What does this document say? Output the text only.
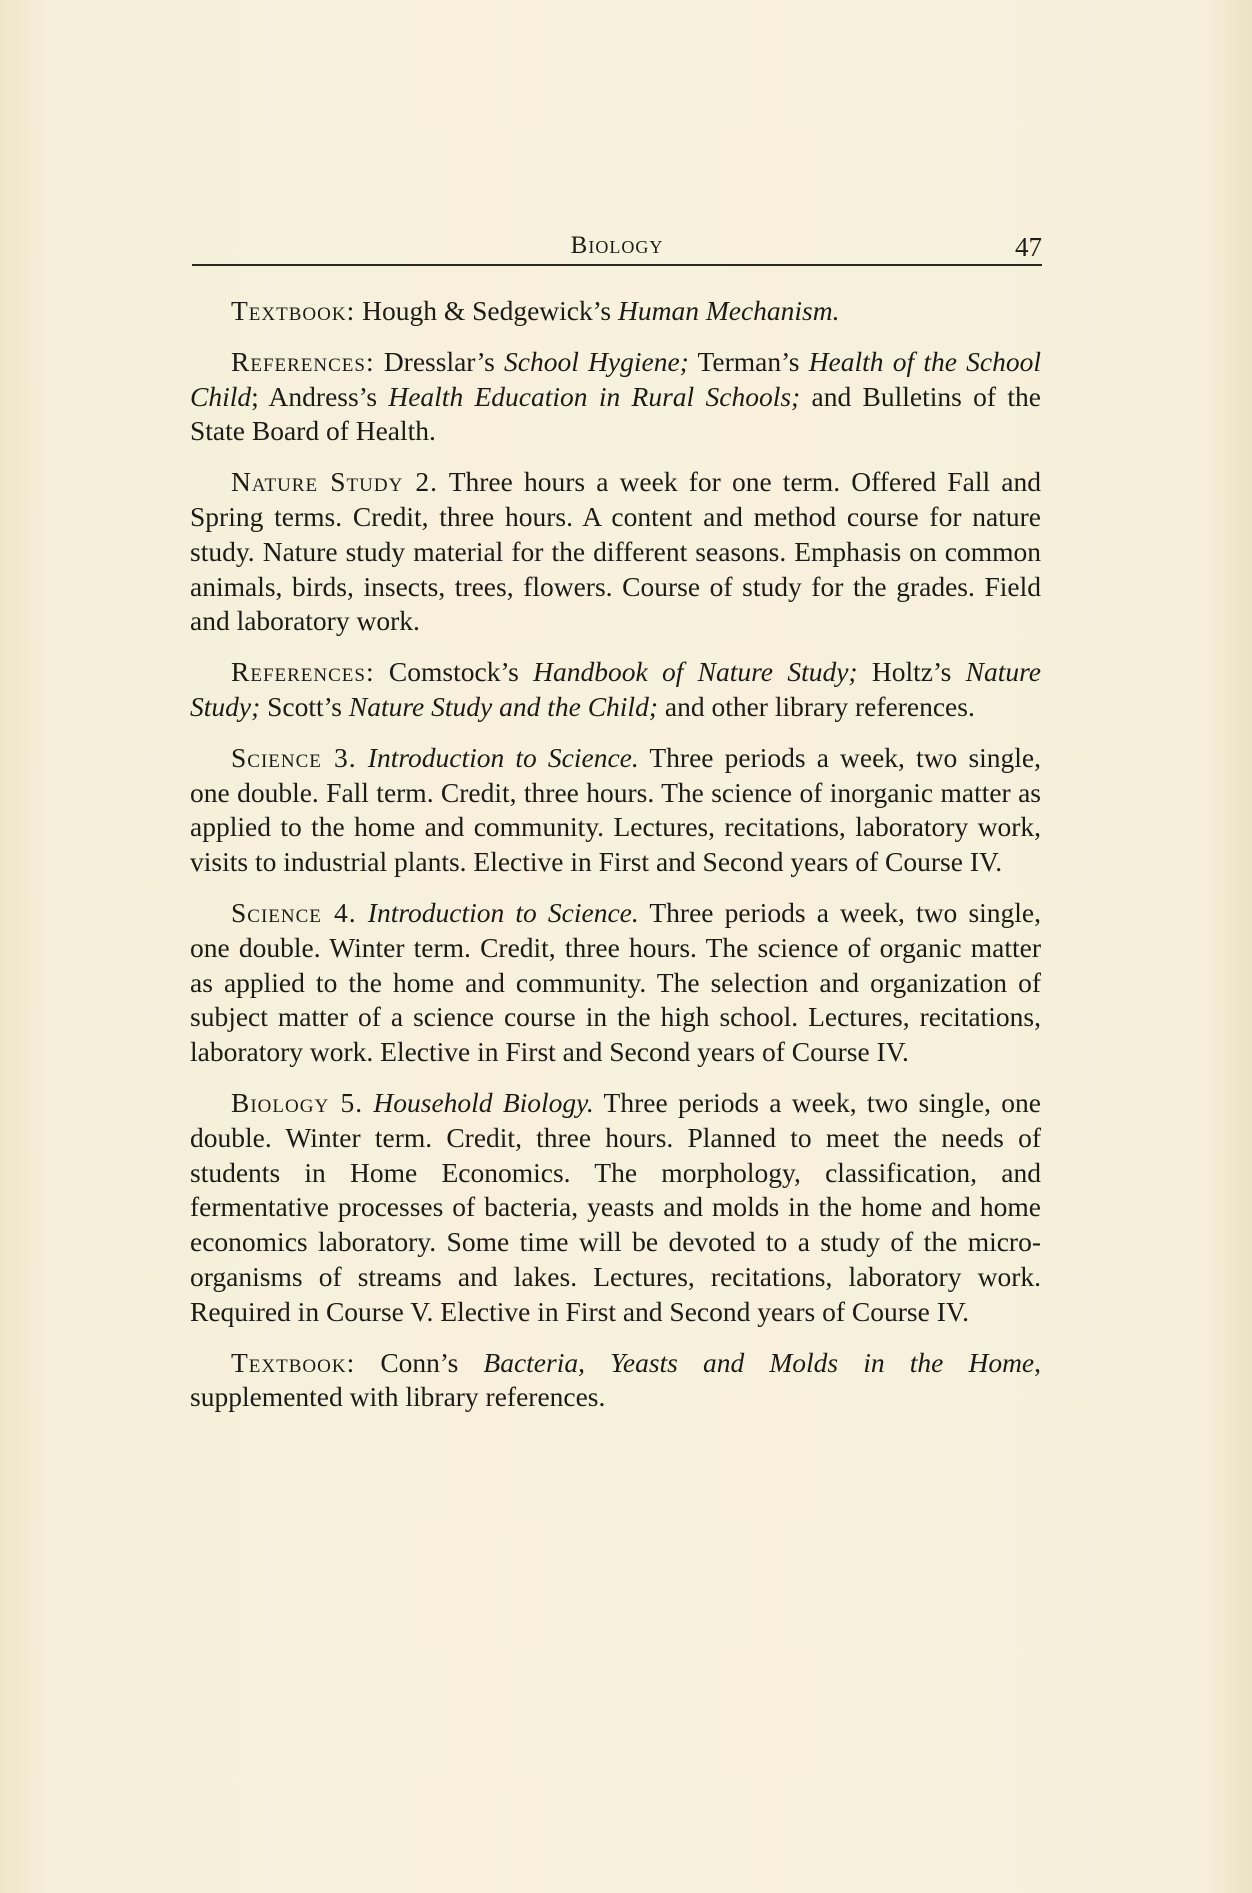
Biology	47

Textbook: Hough & Sedgewick’s Human Mechanism.

References: Dresslar’s School Hygiene; Terman’s Health of the School Child; Andress’s Health Education in Rural Schools; and Bulletins of the State Board of Health.

Nature Study 2. Three hours a week for one term. Offered Fall and Spring terms. Credit, three hours. A content and method course for nature study. Nature study material for the different seasons. Emphasis on common animals, birds, insects, trees, flowers. Course of study for the grades. Field and laboratory work.

References: Comstock’s Handbook of Nature Study; Holtz’s Nature Study; Scott’s Nature Study and the Child; and other library references.

Science 3. Introduction to Science. Three periods a week, two single, one double. Fall term. Credit, three hours. The science of inorganic matter as applied to the home and community. Lectures, recitations, laboratory work, visits to industrial plants. Elective in First and Second years of Course IV.

Science 4. Introduction to Science. Three periods a week, two single, one double. Winter term. Credit, three hours. The science of organic matter as applied to the home and community. The selection and organization of subject matter of a science course in the high school. Lectures, recitations, laboratory work. Elective in First and Second years of Course IV.

Biology 5. Household Biology. Three periods a week, two single, one double. Winter term. Credit, three hours. Planned to meet the needs of students in Home Economics. The morphology, classification, and fermentative processes of bacteria, yeasts and molds in the home and home economics laboratory. Some time will be devoted to a study of the micro-organisms of streams and lakes. Lectures, recitations, laboratory work. Required in Course V. Elective in First and Second years of Course IV.

Textbook: Conn’s Bacteria, Yeasts and Molds in the Home, supplemented with library references.
